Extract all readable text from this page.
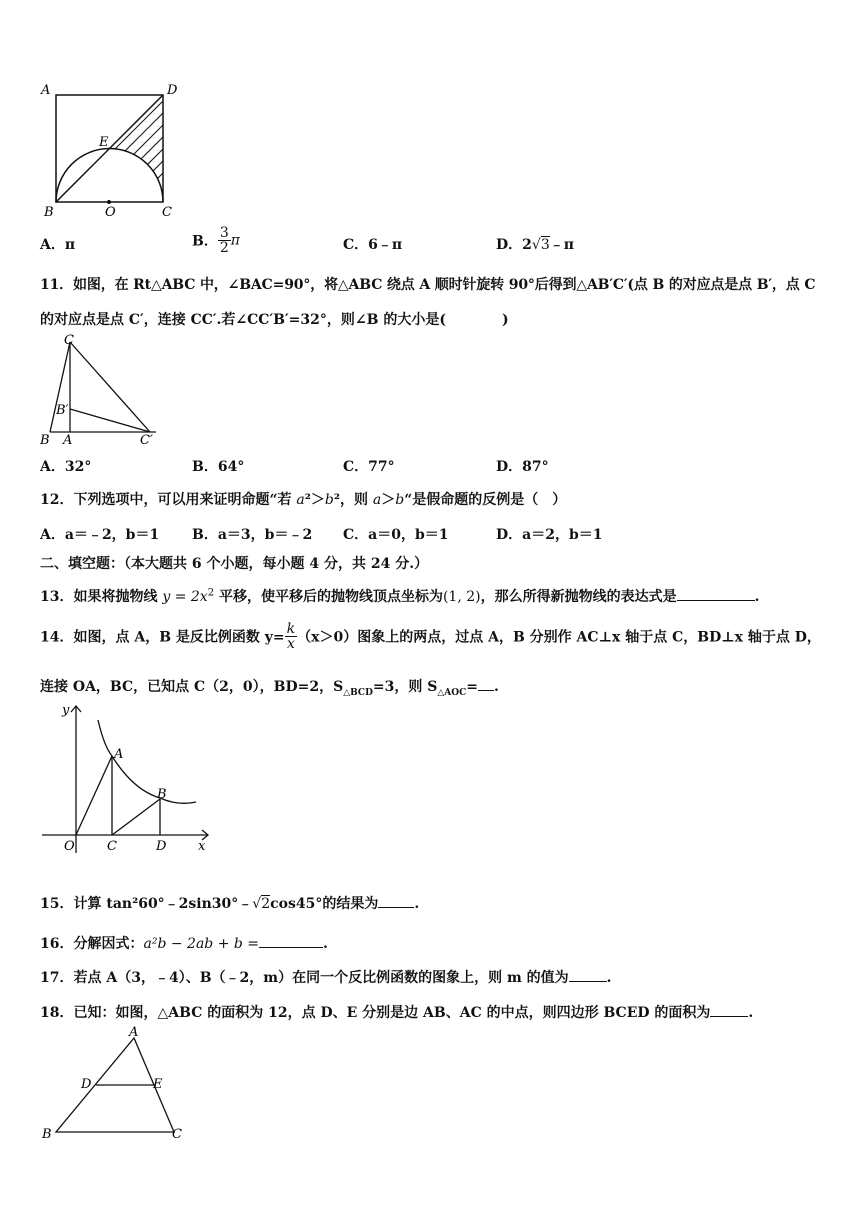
A	D
E
B	O	C
A．π	B． $\frac{3}{2}$ π	C．6﹣π	D．2√3﹣π
11．如图，在 Rt△ABC 中，∠BAC=90°，将△ABC 绕点 A 顺时针旋转 90°后得到△AB′C′(点 B 的对应点是点 B′，点 C
的对应点是点 C′，连接 CC′.若∠CC′B′=32°，则∠B 的大小是(	)
C
B′
B A	C′
A．32°	B．64°	C．77°	D．87°
12．下列选项中，可以用来证明命题“若 a²＞b²，则 a＞b“是假命题的反例是（　）
A．a＝﹣2，b＝1 B．a＝3，b＝﹣2 C．a＝0，b＝1	D．a＝2，b＝1
二、填空题：（本大题共 6 个小题，每小题 4 分，共 24 分.）
13．如果将抛物线 $y = 2x^2$ 平移，使平移后的抛物线顶点坐标为(1, 2)，那么所得新抛物线的表达式是	.
14．如图，点 A，B 是反比例函数 $y= \frac{k}{x} (x>0)$图象上的两点，过点 A，B 分别作 AC⊥x 轴于点 C，BD⊥x 轴于点 D，
连接 OA，BC，已知点 C（2，0），BD=2，$S_{\triangle BCD}=3$，则 $S_{\triangle AOC}=$ .
y
A
B
O C	D x
15．计算 tan²60°﹣2sin30°﹣√2cos45°的结果为	.
16．分解因式：a²b − 2ab + b =	.
17．若点 A（3，﹣4）、B（﹣2，m）在同一个反比例函数的图象上，则 m 的值为	.
18．已知：如图，△ABC 的面积为 12，点 D、E 分别是边 AB、AC 的中点，则四边形 BCED 的面积为	.
A
D	E
B	C
